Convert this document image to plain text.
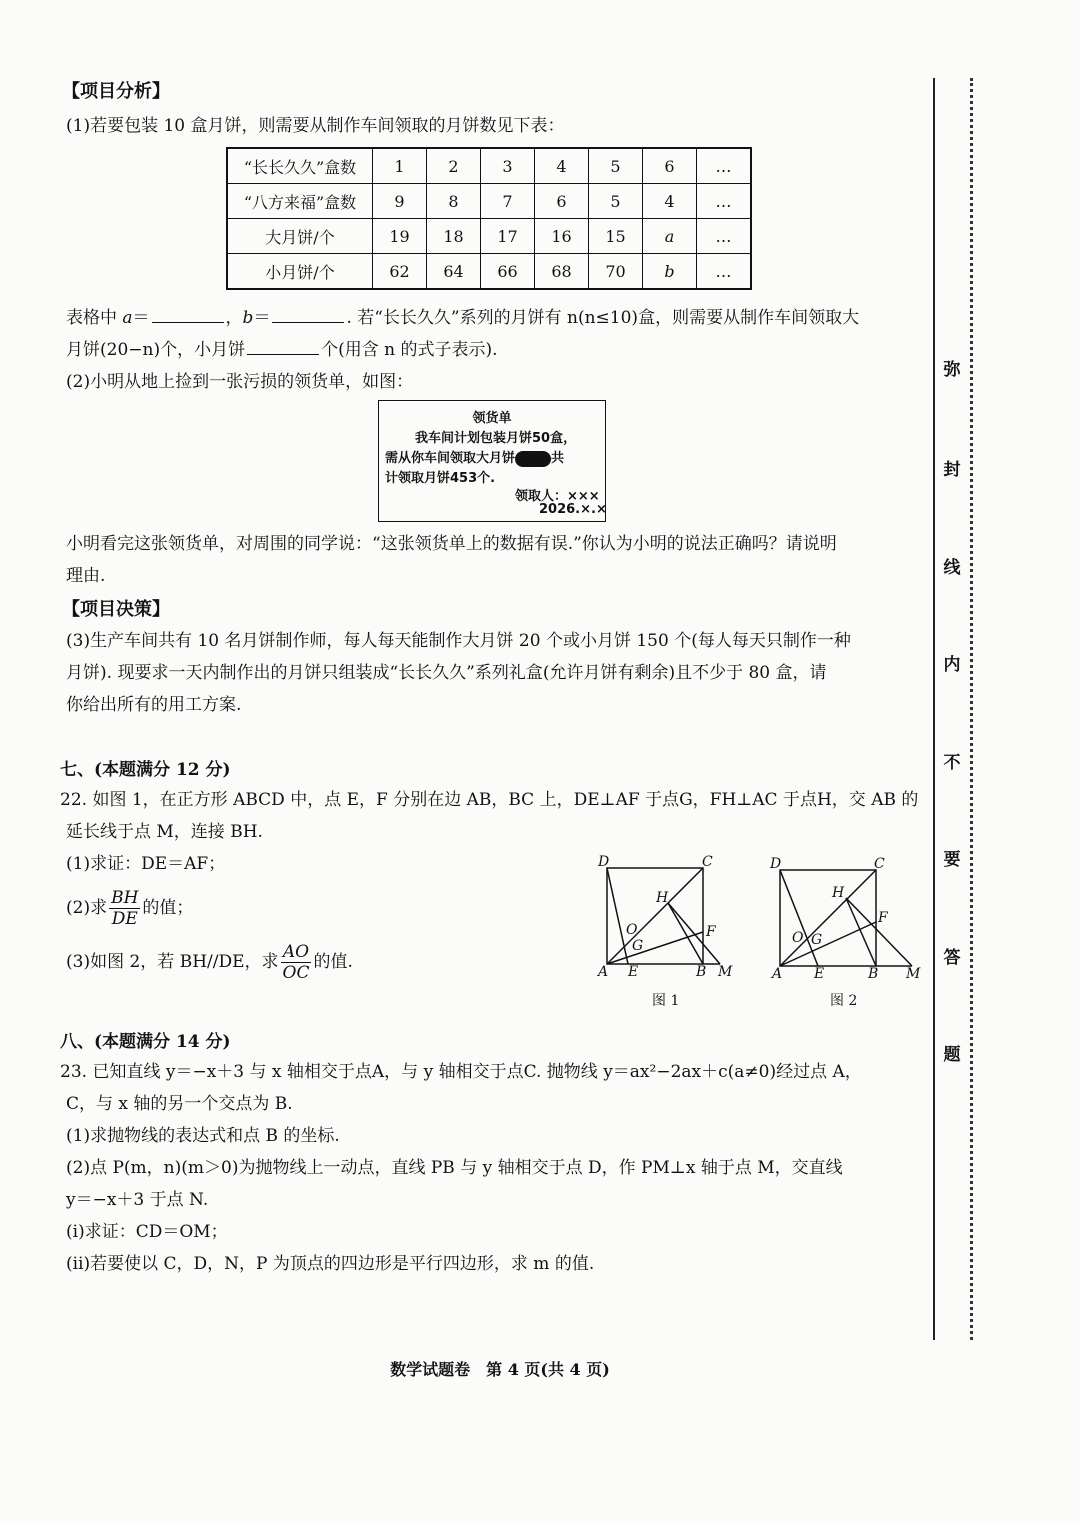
【项目分析】
(1)若要包装 10 盒月饼，则需要从制作车间领取的月饼数见下表：
“长长久久”盒数	1	2	3	4	5	6	…
“八方来福”盒数	9	8	7	6	5	4	…
大月饼/个	19	18	17	16	15	a	…
小月饼/个	62	64	66	68	70	b	…
表格中 a＝	，b＝	. 若“长长久久”系列的月饼有 n(n≤10)盒，则需要从制作车间领取大
月饼(20−n)个，小月饼	个(用含 n 的式子表示).
(2)小明从地上捡到一张污损的领货单，如图：
领货单
我车间计划包装月饼50盒，
需从你车间领取大月饼	共
计领取月饼453个.
领取人：×××
2026.×.×
小明看完这张领货单，对周围的同学说：“这张领货单上的数据有误.”你认为小明的说法正确吗？请说明
理由.
【项目决策】
(3)生产车间共有 10 名月饼制作师，每人每天能制作大月饼 20 个或小月饼 150 个(每人每天只制作一种
月饼). 现要求一天内制作出的月饼只组装成“长长久久”系列礼盒(允许月饼有剩余)且不少于 80 盒，请
你给出所有的用工方案.
七、(本题满分 12 分)
22. 如图 1，在正方形 ABCD 中，点 E，F 分别在边 AB，BC 上，DE⊥AF 于点G，FH⊥AC 于点H，交 AB 的
延长线于点 M，连接 BH.
(1)求证：DE＝AF；
(2)求 $\frac{BH}{DE}$ 的值；
(3)如图 2，若 BH//DE，求 $\frac{AO}{OC}$ 的值.
D	C
H
F
O
G
A E	B M
图 1
D	C
H
F
O G
A E	B M
图 2
八、(本题满分 14 分)
23. 已知直线 y＝−x＋3 与 x 轴相交于点A，与 y 轴相交于点C. 抛物线 y＝ax²−2ax＋c(a≠0)经过点 A，
C，与 x 轴的另一个交点为 B.
(1)求抛物线的表达式和点 B 的坐标.
(2)点 P(m，n)(m＞0)为抛物线上一动点，直线 PB 与 y 轴相交于点 D，作 PM⊥x 轴于点 M，交直线
y＝−x＋3 于点 N.
(ⅰ)求证：CD＝OM；
(ⅱ)若要使以 C，D，N，P 为顶点的四边形是平行四边形，求 m 的值.
数学试题卷　第 4 页(共 4 页)
弥
封
线
内
不
要
答
题
